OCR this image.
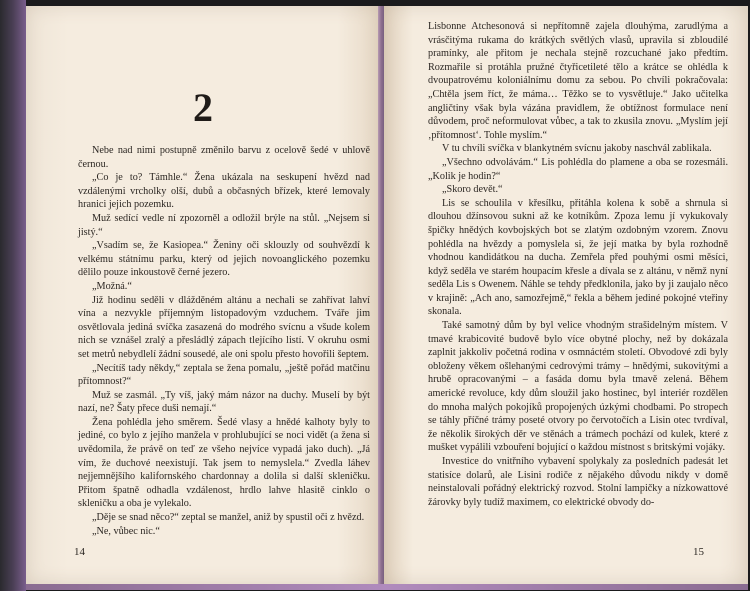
2

Nebe nad nimi postupně změnilo barvu z ocelově šedé v uhlově černou.

„Co je to? Támhle.“ Žena ukázala na seskupení hvězd nad vzdálenými vrcholky olší, dubů a občasných břízek, které lemovaly hranici jejich pozemku.

Muž sedící vedle ní zpozorněl a odložil brýle na stůl. „Nejsem si jistý.“

„Vsadím se, že Kasiopea.“ Ženiny oči sklouzly od souhvězdí k velkému státnímu parku, který od jejich novoanglického pozemku dělilo pouze inkoustově černé jezero.

„Možná.“

Již hodinu seděli v dlážděném altánu a nechali se zahřívat lahví vína a nezvykle příjemným listopadovým vzduchem. Tváře jim osvětlovala jediná svíčka zasazená do modrého svícnu a všude kolem nich se vznášel zralý a přesládlý zápach tlejícího listí. V okruhu osmi set metrů nebydlelí žádní sousedé, ale oni spolu přesto hovořili šeptem.

„Necítíš tady někdy,“ zeptala se žena pomalu, „ještě pořád matčinu přítomnost?“

Muž se zasmál. „Ty víš, jaký mám názor na duchy. Muselí by být nazí, ne? Šaty přece duši nemají.“

Žena pohlédla jeho směrem. Šedé vlasy a hnědé kalhoty byly to jediné, co bylo z jejího manžela v prohlubující se noci vidět (a žena si uvědomila, že právě on teď ze všeho nejvíce vypadá jako duch). „Já vím, že duchové neexistují. Tak jsem to nemyslela.“ Zvedla láhev nejjemnějšího kalifornského chardonnay a dolila si další skleničku. Přitom špatně odhadla vzdálenost, hrdlo lahve hlasitě cinklo o skleničku a oba je vylekalo.

„Děje se snad něco?“ zeptal se manžel, aniž by spustil oči z hvězd.

„Ne, vůbec nic.“

14

Lisbonne Atchesonová si nepřítomně zajela dlouhýma, zarudlýma a vrásčitýma rukama do krátkých světlých vlasů, upravila si zbloudilé pramínky, ale přitom je nechala stejně rozcuchané jako předtím. Rozmařile si protáhla pružné čtyřicetileté tělo a krátce se ohlédla k dvoupatrovému koloniálnímu domu za sebou. Po chvíli pokračovala: „Chtěla jsem říct, že máma… Těžko se to vysvětluje.“ Jako učitelka angličtiny však byla vázána pravidlem, že obtížnost formulace není důvodem, proč neformulovat vůbec, a tak to zkusila znovu. „Myslím její ‚přítomnost‘. Tohle myslím.“

V tu chvíli svíčka v blankytném svícnu jakoby naschvál zablikala.

„Všechno odvolávám.“ Lis pohlédla do plamene a oba se rozesmáli. „Kolik je hodin?“

„Skoro devět.“

Lis se schoulila v křesílku, přitáhla kolena k sobě a shrnula si dlouhou džínsovou sukni až ke kotníkům. Zpoza lemu jí vykukovaly špičky hnědých kovbojských bot se zlatým ozdobným vzorem. Znovu pohlédla na hvězdy a pomyslela si, že její matka by byla rozhodně vhodnou kandidátkou na ducha. Zemřela před pouhými osmi měsíci, když seděla ve starém houpacím křesle a dívala se z altánu, v němž nyní seděla Lis s Owenem. Náhle se tehdy předklonila, jako by ji zaujalo něco v krajině: „Ach ano, samozřejmě,“ řekla a během jediné pokojné vteřiny skonala.

Také samotný dům by byl velice vhodným strašidelným místem. V tmavé krabicovité budově bylo více obytné plochy, než by dokázala zaplnit jakkoliv početná rodina v osmnáctém století. Obvodové zdi byly obloženy věkem ošlehanými cedrovými trámy – hnědými, sukovitými a hrubě opracovanými – a fasáda domu byla tmavě zelená. Během americké revoluce, kdy dům sloužil jako hostinec, byl interiér rozdělen do mnoha malých pokojíků propojených úzkými chodbami. Po stropech se táhly příčné trámy poseté otvory po červotočích a Lisin otec tvrdíval, že několik širokých děr ve stěnách a trámech pochází od kulek, které z mušket vypálili vzbouření bojující o každou místnost s britskými vojáky.

Investice do vnitřního vybavení spolykaly za posledních padesát let statisíce dolarů, ale Lisini rodiče z nějakého důvodu nikdy v domě neinstalovali pořádný elektrický rozvod. Stolní lampičky a nízkowattové žárovky byly tudíž maximem, co elektrické obvody do-

15
